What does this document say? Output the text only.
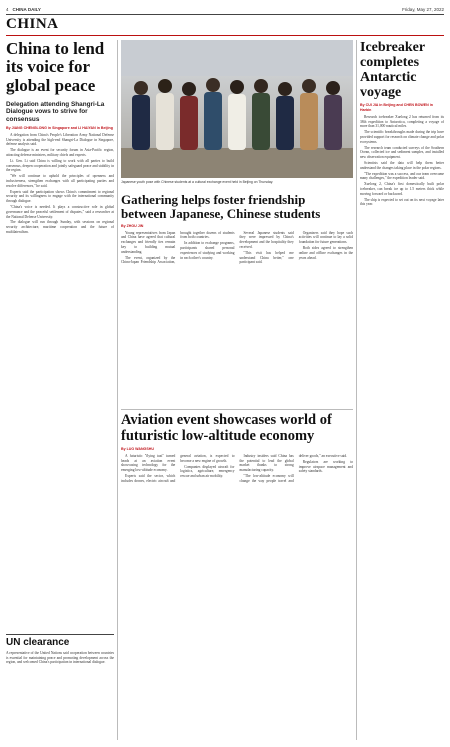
4 CHINA DAILY	Friday, May 27, 2022
CHINA
China to lend its voice for global peace
Delegation attending Shangri-La Dialogue vows to strive for consensus
By JIANG CHENGLONG in Singapore and LI HAIYAN in Beijing

A delegation from China's People's Liberation Army National Defense University is attending the high-end Shangri-La Dialogue in Singapore, defense analysts said.

The dialogue is an event for security forum in Asia-Pacific region, attracting defense ministers, military chiefs and experts.

Lt. Gen. Li said China is willing to work with all parties to build consensus, deepen cooperation and jointly safeguard peace and stability in the region.

"We will continue to uphold the principles of openness and inclusiveness, strengthen exchanges with all participating parties and resolve differences," he said.

Experts said the participation shows China's commitment to regional security and its willingness to engage with the international community through dialogue.

"China's voice is needed. It plays a constructive role in global governance and the peaceful settlement of disputes," said a researcher at the National Defense University.

The dialogue will run through Sunday, with sessions on regional security architecture, maritime cooperation and the future of multilateralism.

UN clearance
A representative of the United Nations said cooperation between countries is essential for maintaining peace and promoting development across the region, and welcomed China's participation in international dialogue.
Japanese youth pose with Chinese students at a cultural exchange event held in Beijing on Thursday.
Gathering helps foster friendship between Japanese, Chinese students
By ZHOU JIN

Young representatives from Japan and China have agreed that cultural exchanges and friendly ties remain key to building mutual understanding.

The event, organized by the China-Japan Friendship Association, brought together dozens of students from both countries.

In addition to exchange programs, participants shared personal experiences of studying and working in each other's country.

Several Japanese students said they were impressed by China's development and the hospitality they received.

"This visit has helped me understand China better," one participant said.

Organizers said they hope such activities will continue to lay a solid foundation for future generations.

Both sides agreed to strengthen online and offline exchanges in the years ahead.

Aviation event showcases world of futuristic low-altitude economy
By LUO WANGSHU

A futuristic "flying taxi" turned heads at an aviation event showcasing technology for the emerging low-altitude economy.

Experts said the sector, which includes drones, electric aircraft and general aviation, is expected to become a new engine of growth.

Companies displayed aircraft for logistics, agriculture, emergency rescue and urban air mobility.

Industry insiders said China has the potential to lead the global market thanks to strong manufacturing capacity.

"The low-altitude economy will change the way people travel and deliver goods," an executive said.

Regulators are working to improve airspace management and safety standards.

Icebreaker completes Antarctic voyage
By CUI JIA in Beijing and CHEN BOWEN in Harbin

Research icebreaker Xuelong 2 has returned from its 38th expedition to Antarctica, completing a voyage of more than 31,000 nautical miles.

The scientific breakthroughs made during the trip have provided support for research on climate change and polar ecosystems.

The research team conducted surveys of the Southern Ocean, collected ice and sediment samples, and installed new observation equipment.

Scientists said the data will help them better understand the changes taking place in the polar regions.

"The expedition was a success, and our team overcame many challenges," the expedition leader said.

Xuelong 2, China's first domestically built polar icebreaker, can break ice up to 1.5 meters thick while moving forward or backward.

The ship is expected to set out on its next voyage later this year.
